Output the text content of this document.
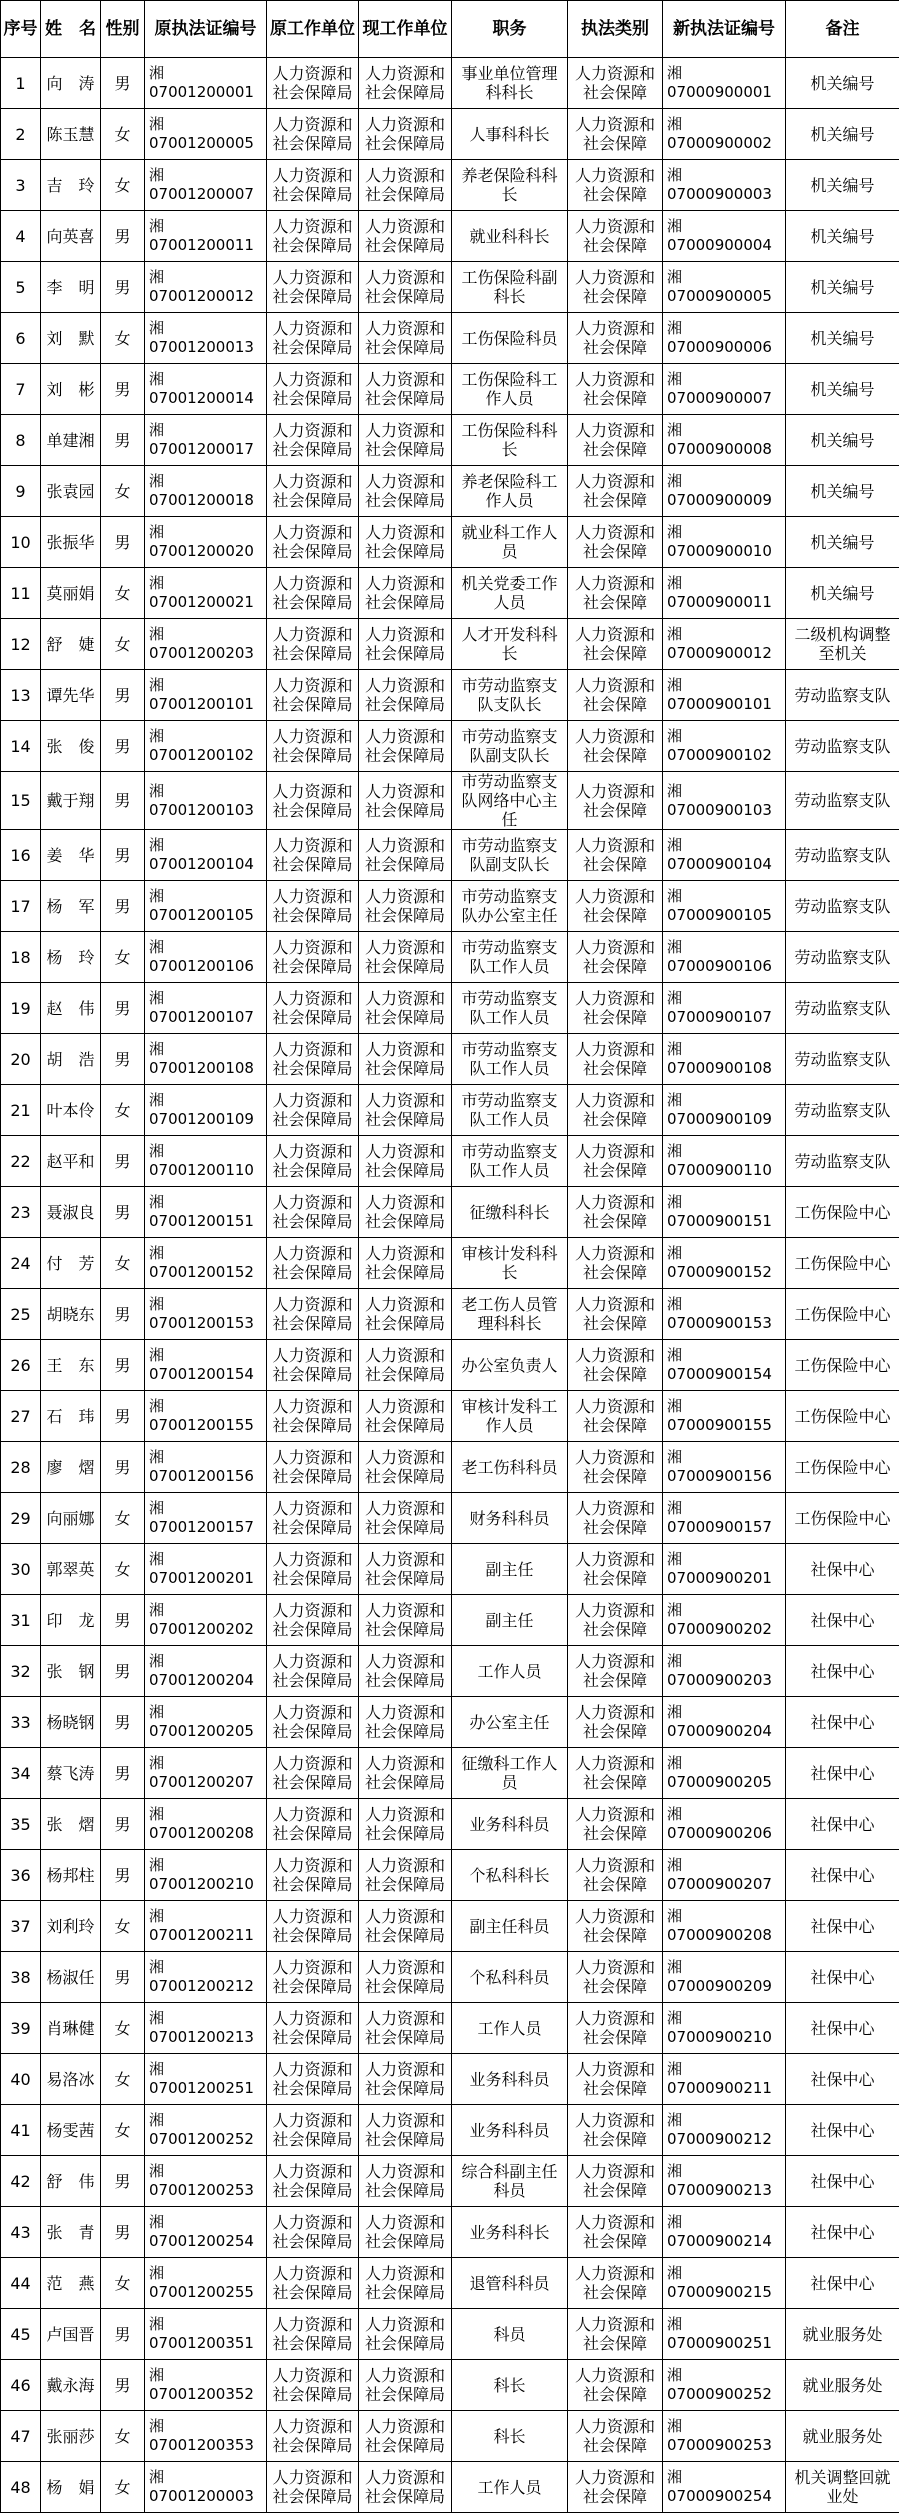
序号	姓　名	性别	原执法证编号	原工作单位	现工作单位	职务	执法类别	新执法证编号	备注
1	向　涛	男	湘07001200001	人力资源和社会保障局	人力资源和社会保障局	事业单位管理科科长	人力资源和社会保障	湘07000900001	机关编号
2	陈玉慧	女	湘07001200005	人力资源和社会保障局	人力资源和社会保障局	人事科科长	人力资源和社会保障	湘07000900002	机关编号
3	吉　玲	女	湘07001200007	人力资源和社会保障局	人力资源和社会保障局	养老保险科科长	人力资源和社会保障	湘07000900003	机关编号
4	向英喜	男	湘07001200011	人力资源和社会保障局	人力资源和社会保障局	就业科科长	人力资源和社会保障	湘07000900004	机关编号
5	李　明	男	湘07001200012	人力资源和社会保障局	人力资源和社会保障局	工伤保险科副科长	人力资源和社会保障	湘07000900005	机关编号
6	刘　默	女	湘07001200013	人力资源和社会保障局	人力资源和社会保障局	工伤保险科员	人力资源和社会保障	湘07000900006	机关编号
7	刘　彬	男	湘07001200014	人力资源和社会保障局	人力资源和社会保障局	工伤保险科工作人员	人力资源和社会保障	湘07000900007	机关编号
8	单建湘	男	湘07001200017	人力资源和社会保障局	人力资源和社会保障局	工伤保险科科长	人力资源和社会保障	湘07000900008	机关编号
9	张袁园	女	湘07001200018	人力资源和社会保障局	人力资源和社会保障局	养老保险科工作人员	人力资源和社会保障	湘07000900009	机关编号
10	张振华	男	湘07001200020	人力资源和社会保障局	人力资源和社会保障局	就业科工作人员	人力资源和社会保障	湘07000900010	机关编号
11	莫丽娟	女	湘07001200021	人力资源和社会保障局	人力资源和社会保障局	机关党委工作人员	人力资源和社会保障	湘07000900011	机关编号
12	舒　婕	女	湘07001200203	人力资源和社会保障局	人力资源和社会保障局	人才开发科科长	人力资源和社会保障	湘07000900012	二级机构调整至机关
13	谭先华	男	湘07001200101	人力资源和社会保障局	人力资源和社会保障局	市劳动监察支队支队长	人力资源和社会保障	湘07000900101	劳动监察支队
14	张　俊	男	湘07001200102	人力资源和社会保障局	人力资源和社会保障局	市劳动监察支队副支队长	人力资源和社会保障	湘07000900102	劳动监察支队
15	戴于翔	男	湘07001200103	人力资源和社会保障局	人力资源和社会保障局	市劳动监察支队网络中心主任	人力资源和社会保障	湘07000900103	劳动监察支队
16	姜　华	男	湘07001200104	人力资源和社会保障局	人力资源和社会保障局	市劳动监察支队副支队长	人力资源和社会保障	湘07000900104	劳动监察支队
17	杨　军	男	湘07001200105	人力资源和社会保障局	人力资源和社会保障局	市劳动监察支队办公室主任	人力资源和社会保障	湘07000900105	劳动监察支队
18	杨　玲	女	湘07001200106	人力资源和社会保障局	人力资源和社会保障局	市劳动监察支队工作人员	人力资源和社会保障	湘07000900106	劳动监察支队
19	赵　伟	男	湘07001200107	人力资源和社会保障局	人力资源和社会保障局	市劳动监察支队工作人员	人力资源和社会保障	湘07000900107	劳动监察支队
20	胡　浩	男	湘07001200108	人力资源和社会保障局	人力资源和社会保障局	市劳动监察支队工作人员	人力资源和社会保障	湘07000900108	劳动监察支队
21	叶本伶	女	湘07001200109	人力资源和社会保障局	人力资源和社会保障局	市劳动监察支队工作人员	人力资源和社会保障	湘07000900109	劳动监察支队
22	赵平和	男	湘07001200110	人力资源和社会保障局	人力资源和社会保障局	市劳动监察支队工作人员	人力资源和社会保障	湘07000900110	劳动监察支队
23	聂淑良	男	湘07001200151	人力资源和社会保障局	人力资源和社会保障局	征缴科科长	人力资源和社会保障	湘07000900151	工伤保险中心
24	付　芳	女	湘07001200152	人力资源和社会保障局	人力资源和社会保障局	审核计发科科长	人力资源和社会保障	湘07000900152	工伤保险中心
25	胡晓东	男	湘07001200153	人力资源和社会保障局	人力资源和社会保障局	老工伤人员管理科科长	人力资源和社会保障	湘07000900153	工伤保险中心
26	王　东	男	湘07001200154	人力资源和社会保障局	人力资源和社会保障局	办公室负责人	人力资源和社会保障	湘07000900154	工伤保险中心
27	石　玮	男	湘07001200155	人力资源和社会保障局	人力资源和社会保障局	审核计发科工作人员	人力资源和社会保障	湘07000900155	工伤保险中心
28	廖　熠	男	湘07001200156	人力资源和社会保障局	人力资源和社会保障局	老工伤科科员	人力资源和社会保障	湘07000900156	工伤保险中心
29	向丽娜	女	湘07001200157	人力资源和社会保障局	人力资源和社会保障局	财务科科员	人力资源和社会保障	湘07000900157	工伤保险中心
30	郭翠英	女	湘07001200201	人力资源和社会保障局	人力资源和社会保障局	副主任	人力资源和社会保障	湘07000900201	社保中心
31	印　龙	男	湘07001200202	人力资源和社会保障局	人力资源和社会保障局	副主任	人力资源和社会保障	湘07000900202	社保中心
32	张　钢	男	湘07001200204	人力资源和社会保障局	人力资源和社会保障局	工作人员	人力资源和社会保障	湘07000900203	社保中心
33	杨晓钢	男	湘07001200205	人力资源和社会保障局	人力资源和社会保障局	办公室主任	人力资源和社会保障	湘07000900204	社保中心
34	蔡飞涛	男	湘07001200207	人力资源和社会保障局	人力资源和社会保障局	征缴科工作人员	人力资源和社会保障	湘07000900205	社保中心
35	张　熠	男	湘07001200208	人力资源和社会保障局	人力资源和社会保障局	业务科科员	人力资源和社会保障	湘07000900206	社保中心
36	杨邦柱	男	湘07001200210	人力资源和社会保障局	人力资源和社会保障局	个私科科长	人力资源和社会保障	湘07000900207	社保中心
37	刘利玲	女	湘07001200211	人力资源和社会保障局	人力资源和社会保障局	副主任科员	人力资源和社会保障	湘07000900208	社保中心
38	杨淑任	男	湘07001200212	人力资源和社会保障局	人力资源和社会保障局	个私科科员	人力资源和社会保障	湘07000900209	社保中心
39	肖琳健	女	湘07001200213	人力资源和社会保障局	人力资源和社会保障局	工作人员	人力资源和社会保障	湘07000900210	社保中心
40	易洛冰	女	湘07001200251	人力资源和社会保障局	人力资源和社会保障局	业务科科员	人力资源和社会保障	湘07000900211	社保中心
41	杨雯茜	女	湘07001200252	人力资源和社会保障局	人力资源和社会保障局	业务科科员	人力资源和社会保障	湘07000900212	社保中心
42	舒　伟	男	湘07001200253	人力资源和社会保障局	人力资源和社会保障局	综合科副主任科员	人力资源和社会保障	湘07000900213	社保中心
43	张　青	男	湘07001200254	人力资源和社会保障局	人力资源和社会保障局	业务科科长	人力资源和社会保障	湘07000900214	社保中心
44	范　燕	女	湘07001200255	人力资源和社会保障局	人力资源和社会保障局	退管科科员	人力资源和社会保障	湘07000900215	社保中心
45	卢国晋	男	湘07001200351	人力资源和社会保障局	人力资源和社会保障局	科员	人力资源和社会保障	湘07000900251	就业服务处
46	戴永海	男	湘07001200352	人力资源和社会保障局	人力资源和社会保障局	科长	人力资源和社会保障	湘07000900252	就业服务处
47	张丽莎	女	湘07001200353	人力资源和社会保障局	人力资源和社会保障局	科长	人力资源和社会保障	湘07000900253	就业服务处
48	杨　娟	女	湘07001200003	人力资源和社会保障局	人力资源和社会保障局	工作人员	人力资源和社会保障	湘07000900254	机关调整回就业处
